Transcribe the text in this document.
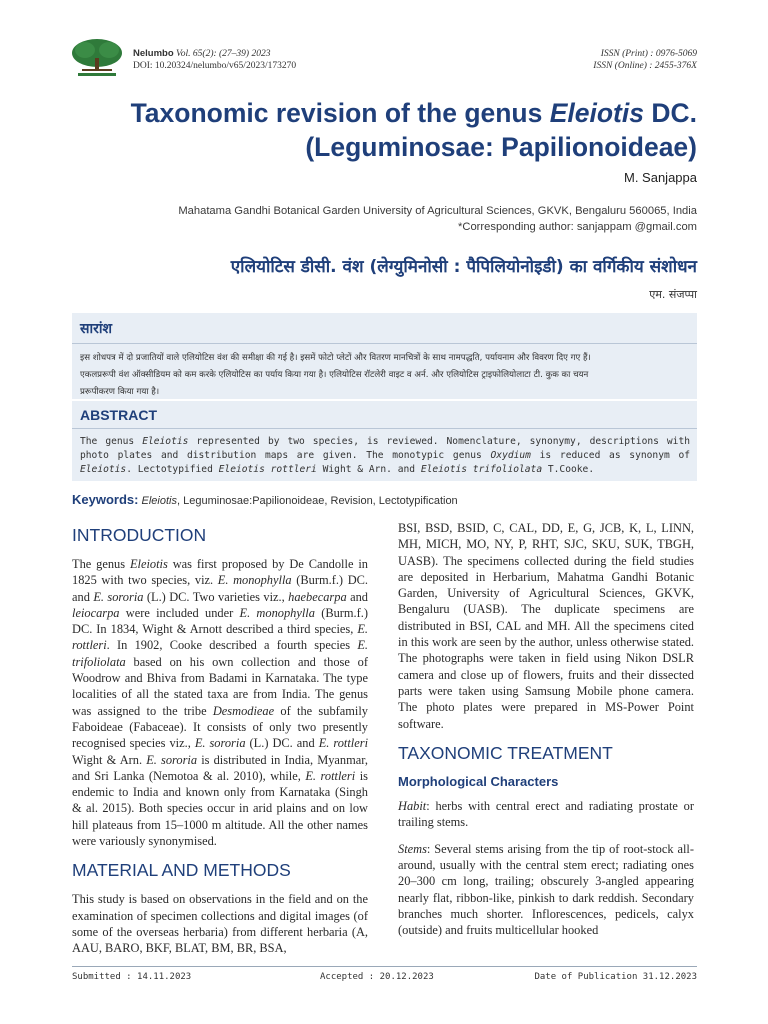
Nelumbo Vol. 65(2): (27–39) 2023
DOI: 10.20324/nelumbo/v65/2023/173270
ISSN (Print) : 0976-5069
ISSN (Online) : 2455-376X
Taxonomic revision of the genus Eleiotis DC.
(Leguminosae: Papilionoideae)
M. Sanjappa
Mahatama Gandhi Botanical Garden University of Agricultural Sciences, GKVK, Bengaluru 560065, India
*Corresponding author: sanjappam @gmail.com
एलियोटिस डीसी. वंश (लेग्युमिनोसी : पैपिलियोनोइडी) का वर्गिकीय संशोधन
एम. संजप्पा
सारांश
इस शोधपत्र में दो प्रजातियों वाले एलियोटिस वंश की समीक्षा की गई है। इसमें फोटो प्लेटों और वितरण मानचित्रों के साथ नामपद्धति, पर्यायनाम और विवरण दिए गए हैं।
एकलप्ररूपी वंश ऑक्सीडियम को कम करके एलियोटिस का पर्याय किया गया है। एलियोटिस रॉटलेरी वाइट व अर्न. और एलियोटिस ट्राइफोलियोलाटा टी. कुक का चयन
प्ररूपीकरण किया गया है।
ABSTRACT
The genus Eleiotis represented by two species, is reviewed. Nomenclature, synonymy, descriptions with photo plates and distribution maps are given. The monotypic genus Oxydium is reduced as synonym of Eleiotis. Lectotypified Eleiotis rottleri Wight & Arn. and Eleiotis trifoliolata T.Cooke.
Keywords: Eleiotis, Leguminosae:Papilionoideae, Revision, Lectotypification
INTRODUCTION

The genus Eleiotis was first proposed by De Candolle in 1825 with two species, viz. E. monophylla (Burm.f.) DC. and E. sororia (L.) DC. Two varieties viz., haebecarpa and leiocarpa were included under E. monophylla (Burm.f.) DC. In 1834, Wight & Arnott described a third species, E. rottleri. In 1902, Cooke described a fourth species E. trifoliolata based on his own collection and those of Woodrow and Bhiva from Badami in Karnataka. The type localities of all the stated taxa are from India. The genus was assigned to the tribe Desmodieae of the subfamily Faboideae (Fabaceae). It consists of only two presently recognised species viz., E. sororia (L.) DC. and E. rottleri Wight & Arn. E. sororia is distributed in India, Myanmar, and Sri Lanka (Nemotoa & al. 2010), while, E. rottleri is endemic to India and known only from Karnataka (Singh & al. 2015). Both species occur in arid plains and on low hill plateaus from 15–1000 m altitude. All the other names were variously synonymised.

MATERIAL AND METHODS

This study is based on observations in the field and on the examination of specimen collections and digital images (of some of the overseas herbaria) from different herbaria (A, AAU, BARO, BKF, BLAT, BM, BR, BSA,

BSI, BSD, BSID, C, CAL, DD, E, G, JCB, K, L, LINN, MH, MICH, MO, NY, P, RHT, SJC, SKU, SUK, TBGH, UASB). The specimens collected during the field studies are deposited in Herbarium, Mahatma Gandhi Botanic Garden, University of Agricultural Sciences, GKVK, Bengaluru (UASB). The duplicate specimens are distributed in BSI, CAL and MH. All the specimens cited in this work are seen by the author, unless otherwise stated. The photographs were taken in field using Nikon DSLR camera and close up of flowers, fruits and their dissected parts were taken using Samsung Mobile phone camera. The photo plates were prepared in MS-Power Point software.

TAXONOMIC TREATMENT
Morphological Characters

Habit: herbs with central erect and radiating prostate or trailing stems.

Stems: Several stems arising from the tip of root-stock all-around, usually with the central stem erect; radiating ones 20–300 cm long, trailing; obscurely 3-angled appearing nearly flat, ribbon-like, pinkish to dark reddish. Secondary branches much shorter. Inflorescences, pedicels, calyx (outside) and fruits multicellular hooked

Submitted : 14.11.2023	Accepted : 20.12.2023	Date of Publication 31.12.2023
